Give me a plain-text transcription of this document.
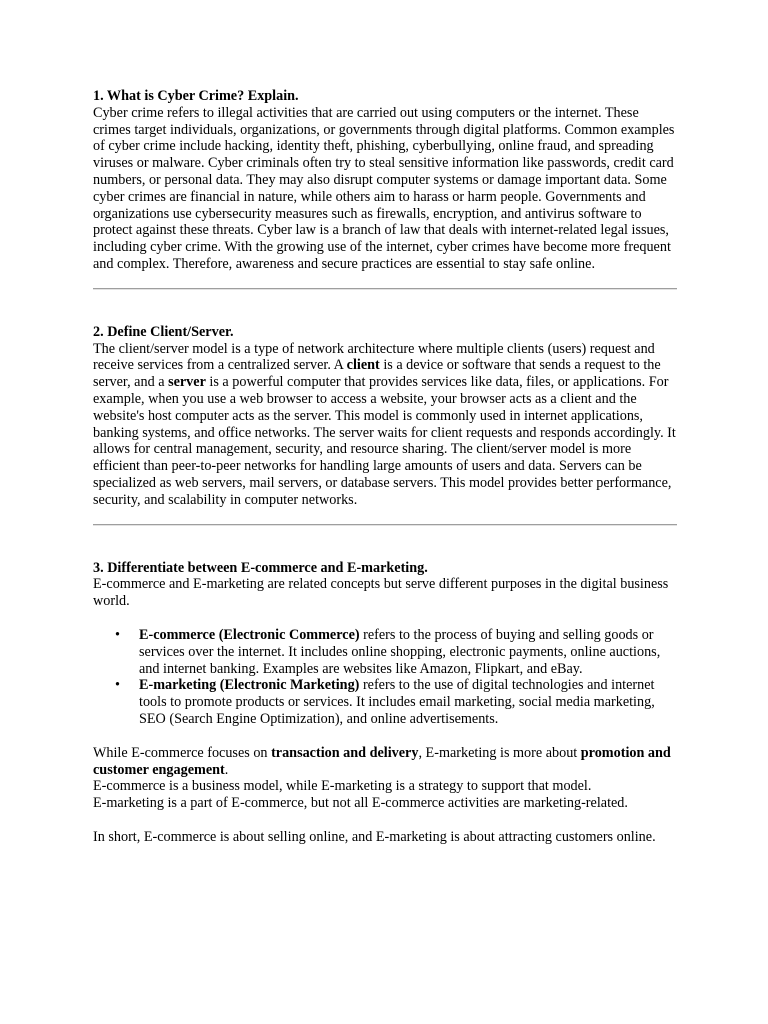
1. What is Cyber Crime? Explain.

Cyber crime refers to illegal activities that are carried out using computers or the internet. These crimes target individuals, organizations, or governments through digital platforms. Common examples of cyber crime include hacking, identity theft, phishing, cyberbullying, online fraud, and spreading viruses or malware. Cyber criminals often try to steal sensitive information like passwords, credit card numbers, or personal data. They may also disrupt computer systems or damage important data. Some cyber crimes are financial in nature, while others aim to harass or harm people. Governments and organizations use cybersecurity measures such as firewalls, encryption, and antivirus software to protect against these threats. Cyber law is a branch of law that deals with internet-related legal issues, including cyber crime. With the growing use of the internet, cyber crimes have become more frequent and complex. Therefore, awareness and secure practices are essential to stay safe online.

2. Define Client/Server.

The client/server model is a type of network architecture where multiple clients (users) request and receive services from a centralized server. A client is a device or software that sends a request to the server, and a server is a powerful computer that provides services like data, files, or applications. For example, when you use a web browser to access a website, your browser acts as a client and the website's host computer acts as the server. This model is commonly used in internet applications, banking systems, and office networks. The server waits for client requests and responds accordingly. It allows for central management, security, and resource sharing. The client/server model is more efficient than peer-to-peer networks for handling large amounts of users and data. Servers can be specialized as web servers, mail servers, or database servers. This model provides better performance, security, and scalability in computer networks.

3. Differentiate between E-commerce and E-marketing.

E-commerce and E-marketing are related concepts but serve different purposes in the digital business world.

• E-commerce (Electronic Commerce) refers to the process of buying and selling goods or services over the internet. It includes online shopping, electronic payments, online auctions, and internet banking. Examples are websites like Amazon, Flipkart, and eBay.
• E-marketing (Electronic Marketing) refers to the use of digital technologies and internet tools to promote products or services. It includes email marketing, social media marketing, SEO (Search Engine Optimization), and online advertisements.

While E-commerce focuses on transaction and delivery, E-marketing is more about promotion and customer engagement.

E-commerce is a business model, while E-marketing is a strategy to support that model.

E-marketing is a part of E-commerce, but not all E-commerce activities are marketing-related.

In short, E-commerce is about selling online, and E-marketing is about attracting customers online.
